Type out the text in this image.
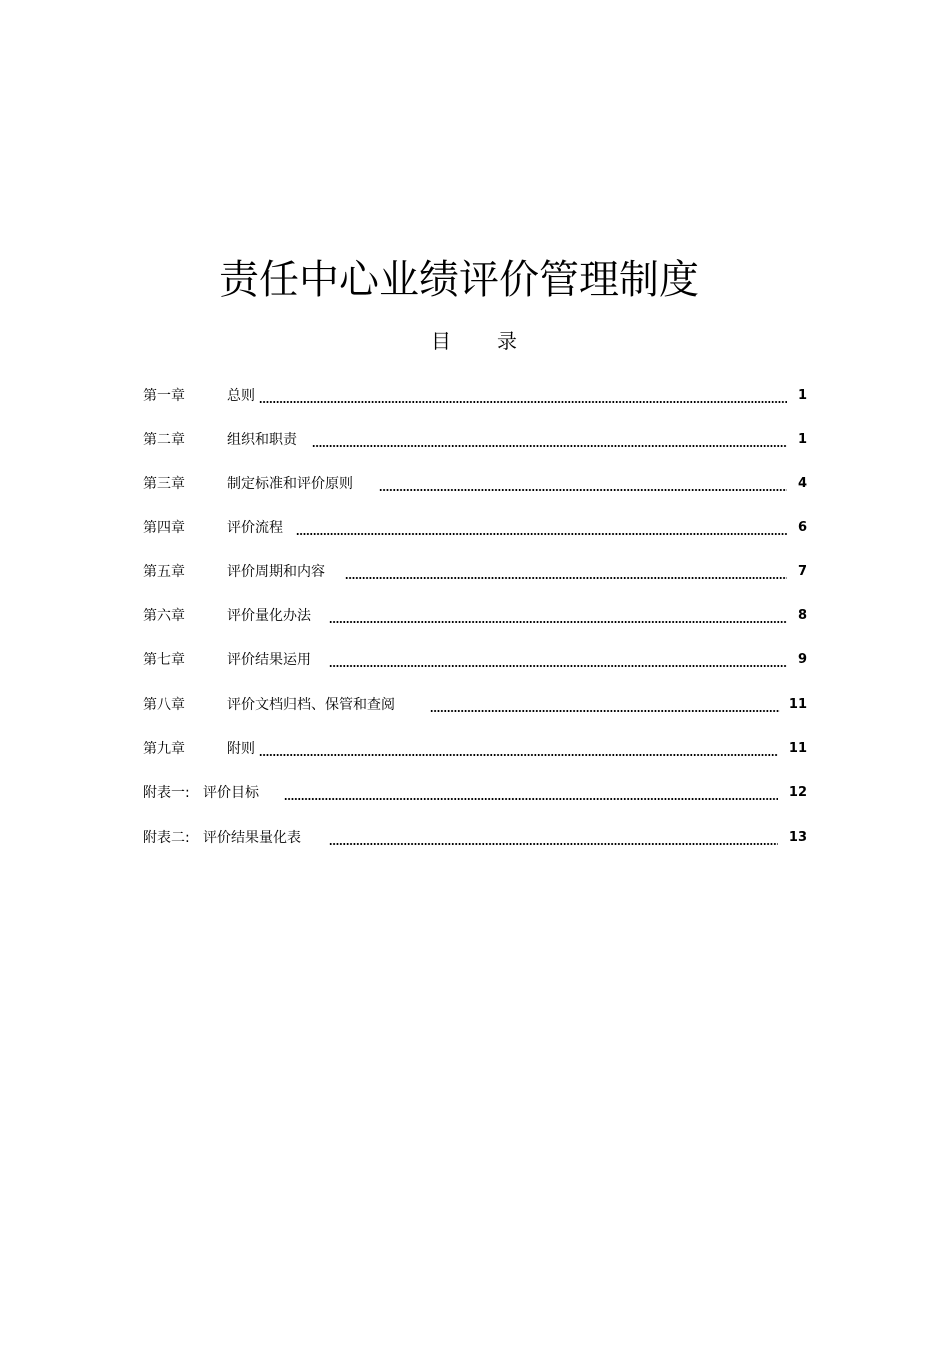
责任中心业绩评价管理制度
目 录
第一章	总则	1
第二章	组织和职责	1
第三章	制定标准和评价原则	4
第四章	评价流程	6
第五章	评价周期和内容	7
第六章	评价量化办法	8
第七章	评价结果运用	9
第八章	评价文档归档、保管和查阅	11
第九章	附则	11
附表一: 评价目标	12
附表二: 评价结果量化表	13
